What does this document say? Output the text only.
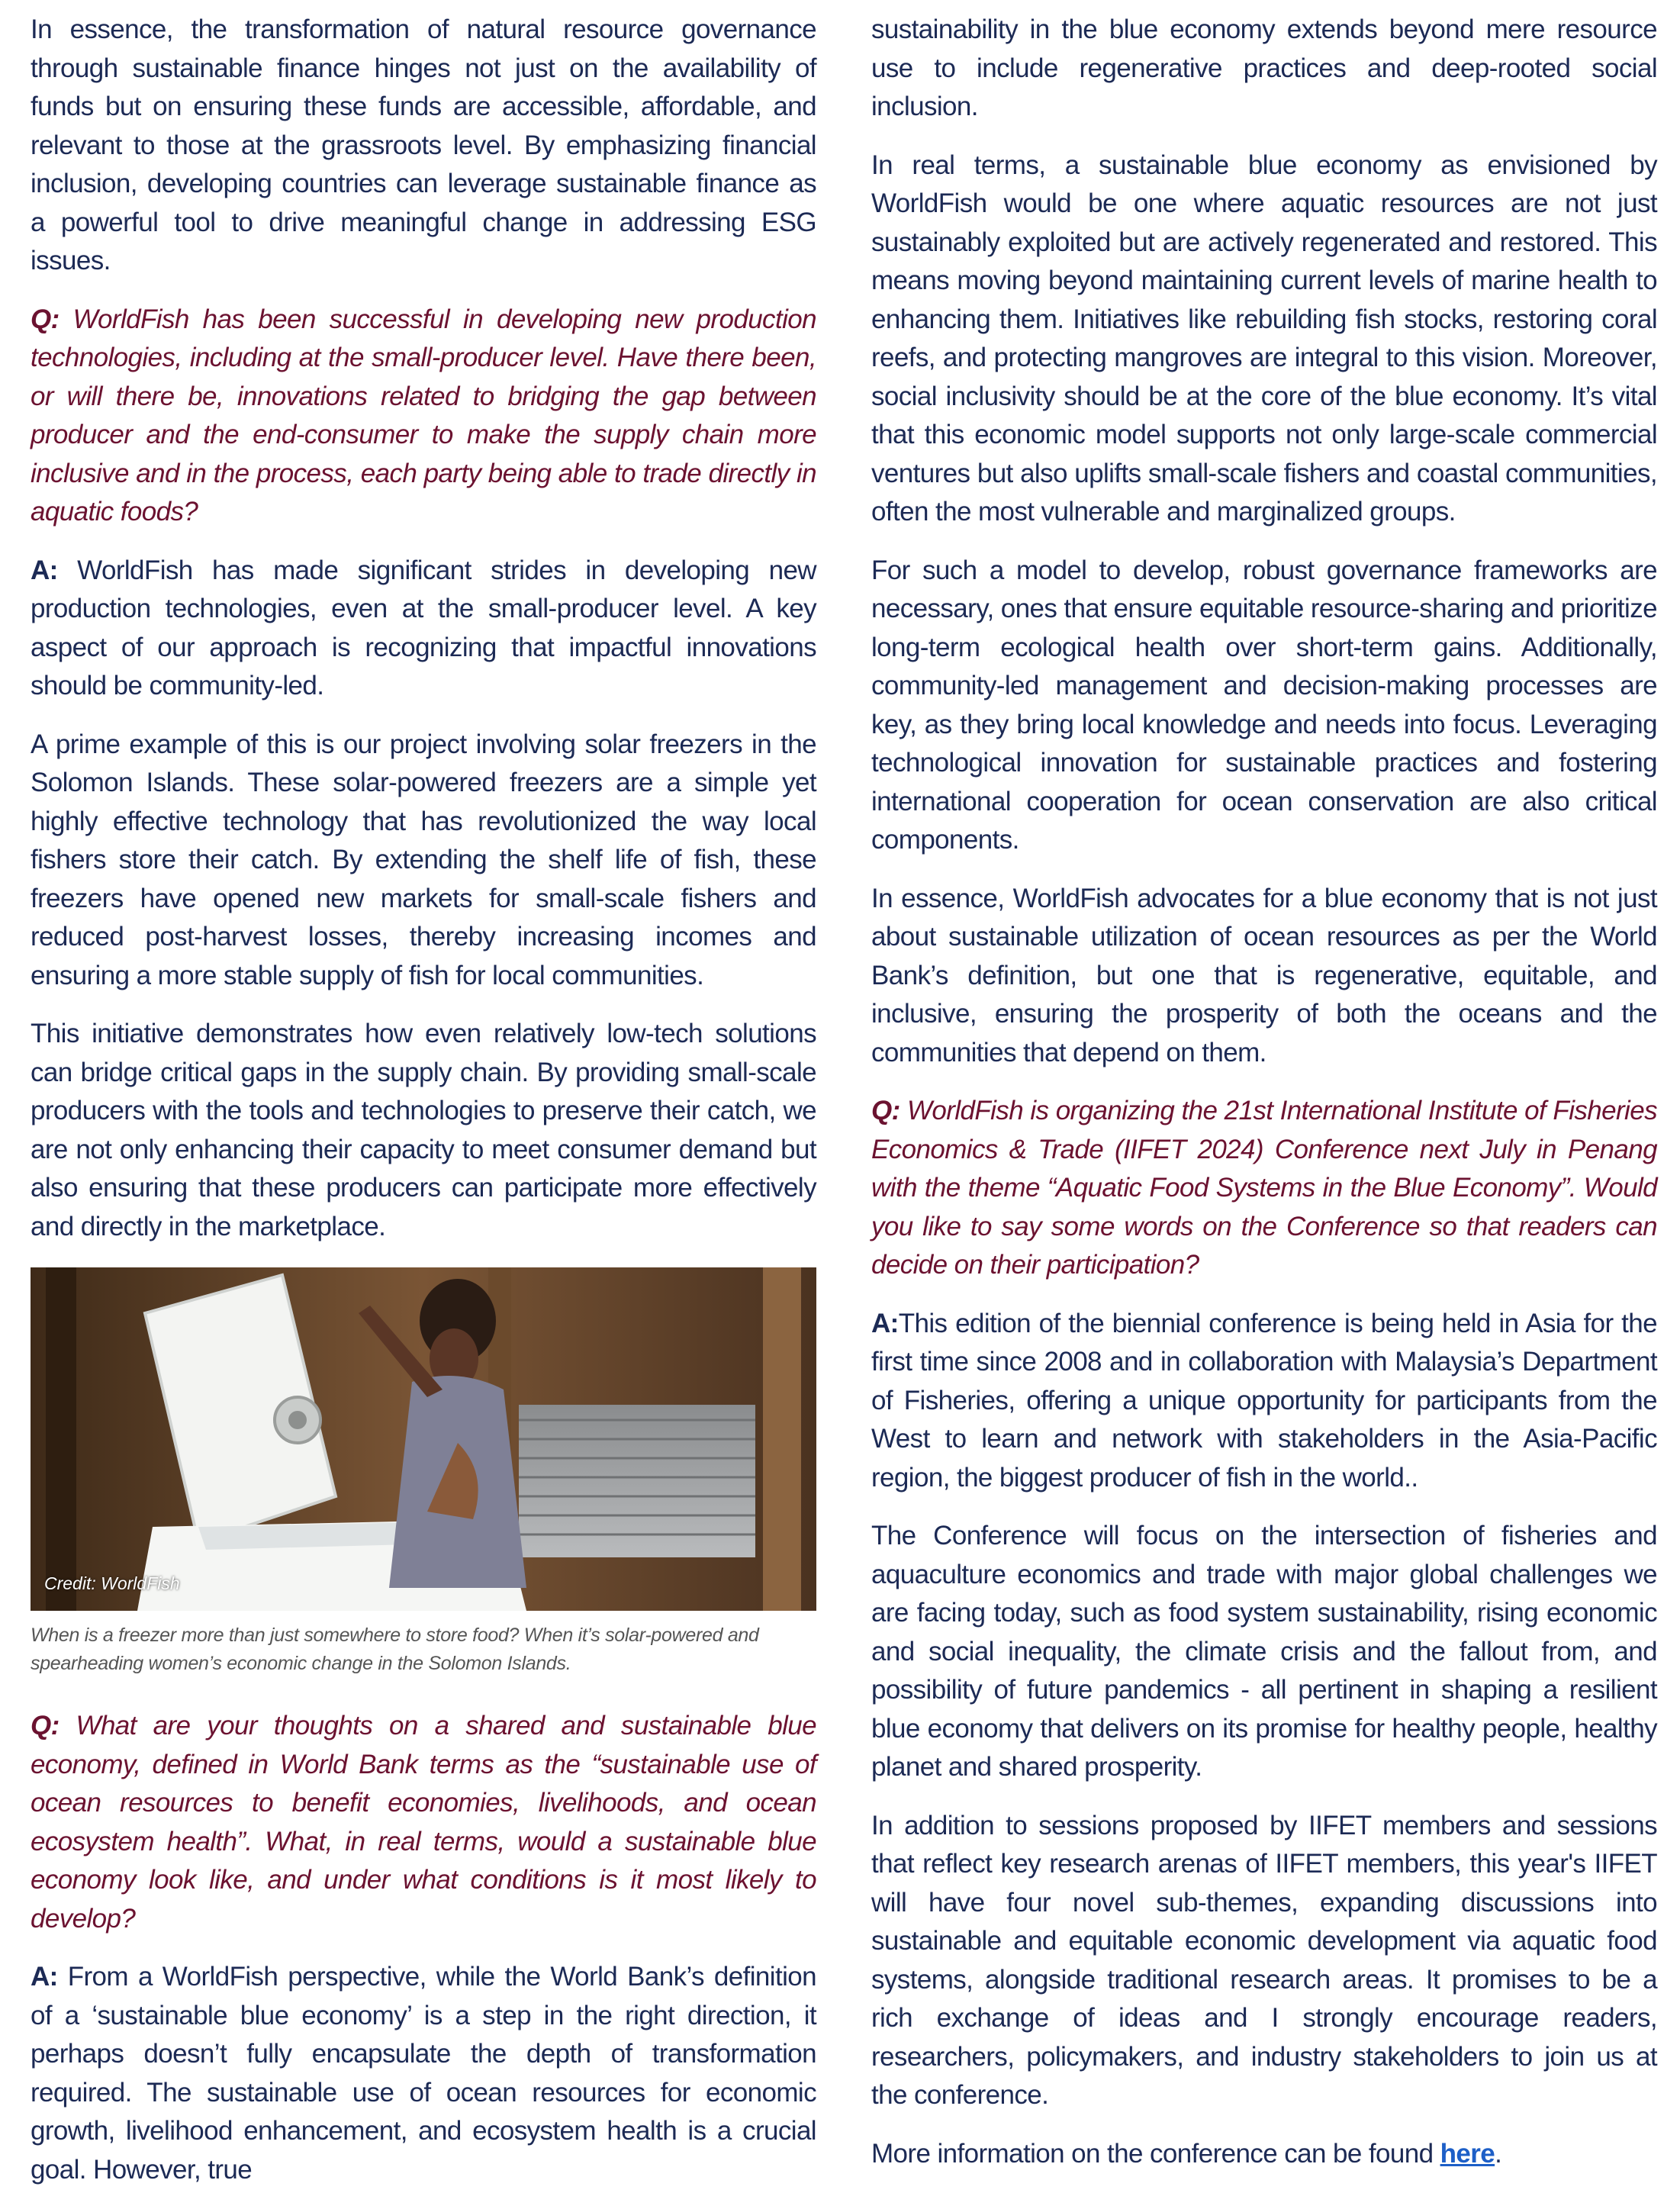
In essence, the transformation of natural resource governance through sustainable finance hinges not just on the availability of funds but on ensuring these funds are accessible, affordable, and relevant to those at the grassroots level. By emphasizing financial inclusion, developing countries can leverage sustainable finance as a powerful tool to drive meaningful change in addressing ESG issues.

Q: WorldFish has been successful in developing new production technologies, including at the small-producer level. Have there been, or will there be, innovations related to bridging the gap between producer and the end-consumer to make the supply chain more inclusive and in the process, each party being able to trade directly in aquatic foods?

A: WorldFish has made significant strides in developing new production technologies, even at the small-producer level. A key aspect of our approach is recognizing that impactful innovations should be community-led.

A prime example of this is our project involving solar freezers in the Solomon Islands. These solar-powered freezers are a simple yet highly effective technology that has revolutionized the way local fishers store their catch. By extending the shelf life of fish, these freezers have opened new markets for small-scale fishers and reduced post-harvest losses, thereby increasing incomes and ensuring a more stable supply of fish for local communities.

This initiative demonstrates how even relatively low-tech solutions can bridge critical gaps in the supply chain. By providing small-scale producers with the tools and technologies to preserve their catch, we are not only enhancing their capacity to meet consumer demand but also ensuring that these producers can participate more effectively and directly in the marketplace.

Credit: WorldFish

When is a freezer more than just somewhere to store food? When it’s solar-powered and spearheading women’s economic change in the Solomon Islands.

Q: What are your thoughts on a shared and sustainable blue economy, defined in World Bank terms as the “sustainable use of ocean resources to benefit economies, livelihoods, and ocean ecosystem health”. What, in real terms, would a sustainable blue economy look like, and under what conditions is it most likely to develop?

A: From a WorldFish perspective, while the World Bank’s definition of a ‘sustainable blue economy’ is a step in the right direction, it perhaps doesn’t fully encapsulate the depth of transformation required. The sustainable use of ocean resources for economic growth, livelihood enhancement, and ecosystem health is a crucial goal. However, true

sustainability in the blue economy extends beyond mere resource use to include regenerative practices and deep-rooted social inclusion.

In real terms, a sustainable blue economy as envisioned by WorldFish would be one where aquatic resources are not just sustainably exploited but are actively regenerated and restored. This means moving beyond maintaining current levels of marine health to enhancing them. Initiatives like rebuilding fish stocks, restoring coral reefs, and protecting mangroves are integral to this vision. Moreover, social inclusivity should be at the core of the blue economy. It’s vital that this economic model supports not only large-scale commercial ventures but also uplifts small-scale fishers and coastal communities, often the most vulnerable and marginalized groups.

For such a model to develop, robust governance frameworks are necessary, ones that ensure equitable resource-sharing and prioritize long-term ecological health over short-term gains. Additionally, community-led management and decision-making processes are key, as they bring local knowledge and needs into focus. Leveraging technological innovation for sustainable practices and fostering international cooperation for ocean conservation are also critical components.

In essence, WorldFish advocates for a blue economy that is not just about sustainable utilization of ocean resources as per the World Bank’s definition, but one that is regenerative, equitable, and inclusive, ensuring the prosperity of both the oceans and the communities that depend on them.

Q: WorldFish is organizing the 21st International Institute of Fisheries Economics & Trade (IIFET 2024) Conference next July in Penang with the theme “Aquatic Food Systems in the Blue Economy”. Would you like to say some words on the Conference so that readers can decide on their participation?

A:This edition of the biennial conference is being held in Asia for the first time since 2008 and in collaboration with Malaysia’s Department of Fisheries, offering a unique opportunity for participants from the West to learn and network with stakeholders in the Asia-Pacific region, the biggest producer of fish in the world..

The Conference will focus on the intersection of fisheries and aquaculture economics and trade with major global challenges we are facing today, such as food system sustainability, rising economic and social inequality, the climate crisis and the fallout from, and possibility of future pandemics - all pertinent in shaping a resilient blue economy that delivers on its promise for healthy people, healthy planet and shared prosperity.

In addition to sessions proposed by IIFET members and sessions that reflect key research arenas of IIFET members, this year's IIFET will have four novel sub-themes, expanding discussions into sustainable and equitable economic development via aquatic food systems, alongside traditional research areas. It promises to be a rich exchange of ideas and I strongly encourage readers, researchers, policymakers, and industry stakeholders to join us at the conference.

More information on the conference can be found here.
